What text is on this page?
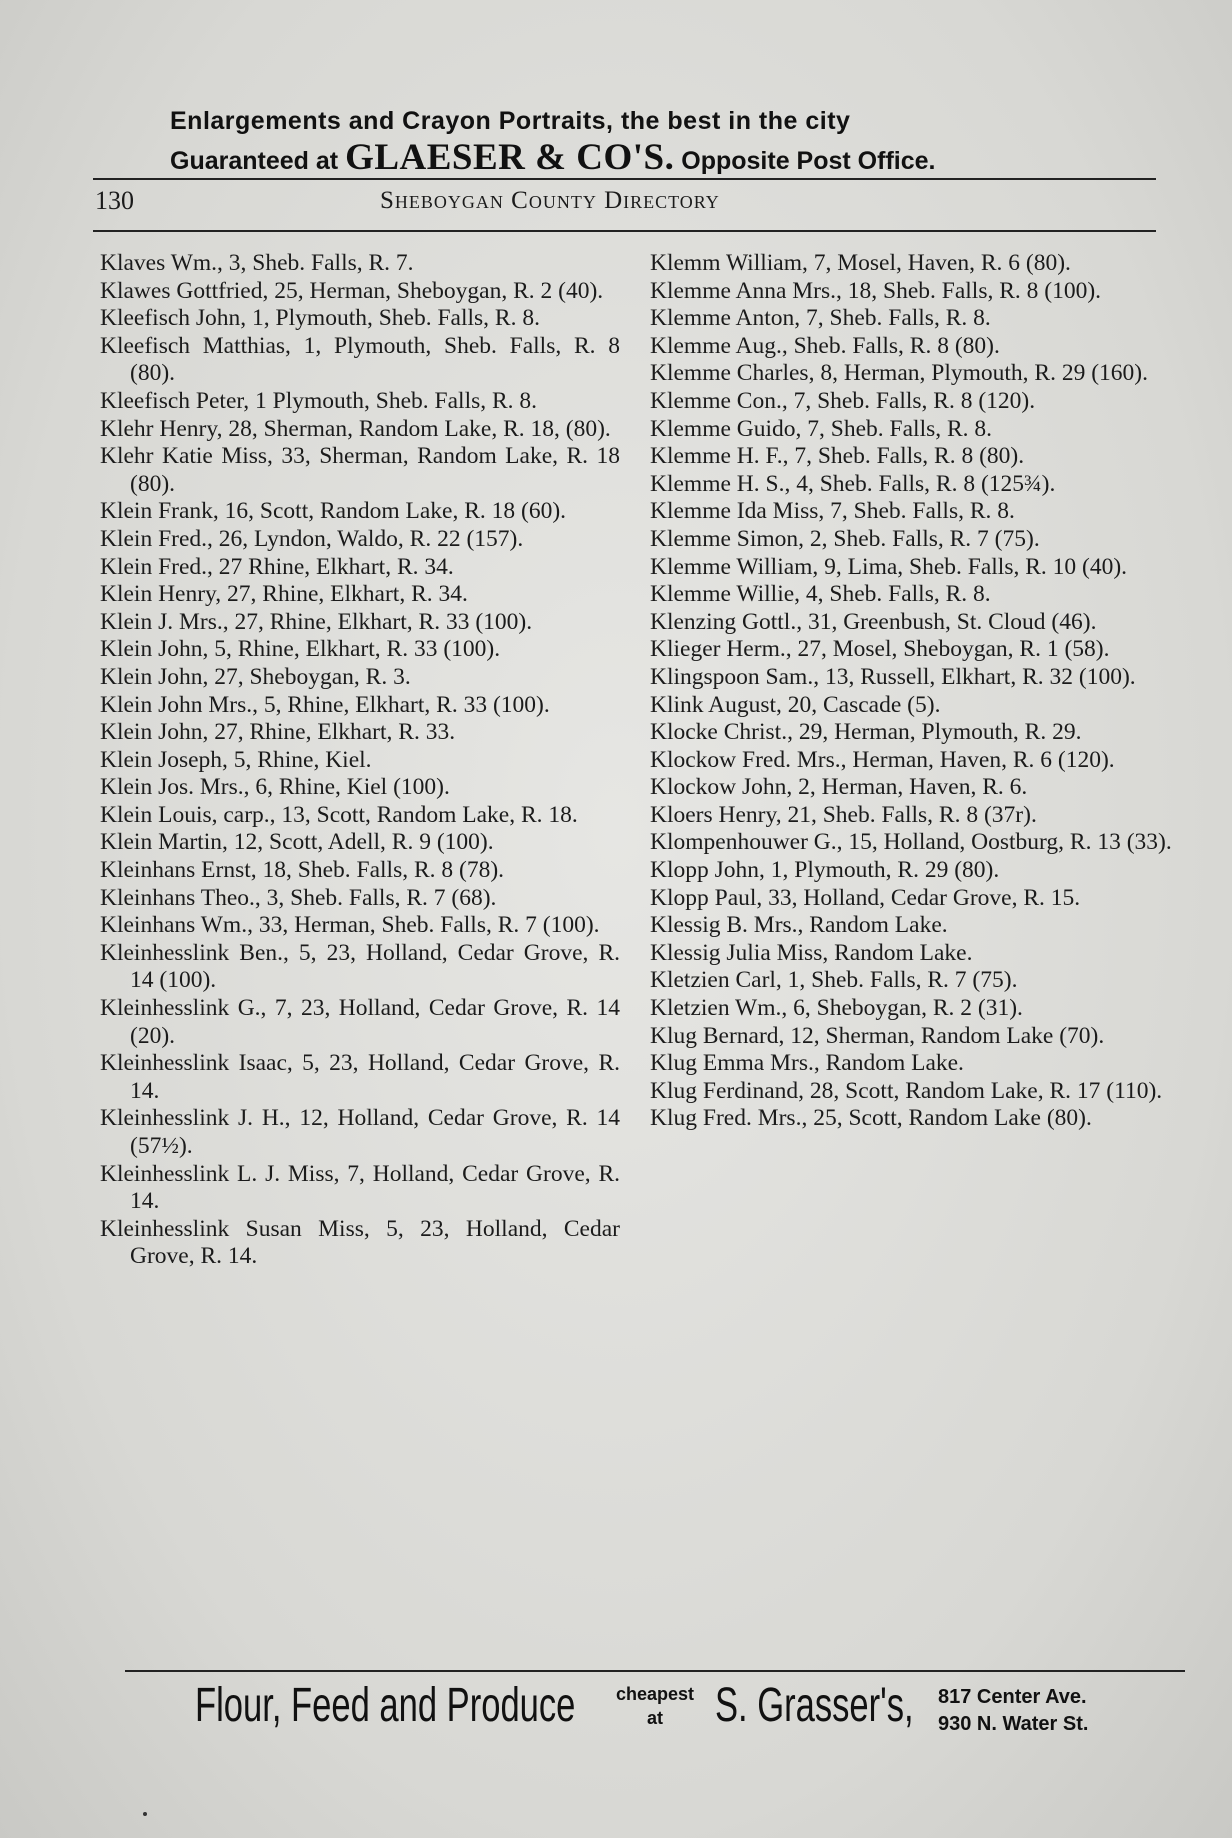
Enlargements and Crayon Portraits, the best in the city
Guaranteed at GLAESER & CO'S. Opposite Post Office.
130	Sheboygan County Directory
Klaves Wm., 3, Sheb. Falls, R. 7.
Klawes Gottfried, 25, Herman, Sheboygan, R. 2 (40).
Kleefisch John, 1, Plymouth, Sheb. Falls, R. 8.
Kleefisch Matthias, 1, Plymouth, Sheb. Falls, R. 8 (80).
Kleefisch Peter, 1 Plymouth, Sheb. Falls, R. 8.
Klehr Henry, 28, Sherman, Random Lake, R. 18, (80).
Klehr Katie Miss, 33, Sherman, Random Lake, R. 18 (80).
Klein Frank, 16, Scott, Random Lake, R. 18 (60).
Klein Fred., 26, Lyndon, Waldo, R. 22 (157).
Klein Fred., 27 Rhine, Elkhart, R. 34.
Klein Henry, 27, Rhine, Elkhart, R. 34.
Klein J. Mrs., 27, Rhine, Elkhart, R. 33 (100).
Klein John, 5, Rhine, Elkhart, R. 33 (100).
Klein John, 27, Sheboygan, R. 3.
Klein John Mrs., 5, Rhine, Elkhart, R. 33 (100).
Klein John, 27, Rhine, Elkhart, R. 33.
Klein Joseph, 5, Rhine, Kiel.
Klein Jos. Mrs., 6, Rhine, Kiel (100).
Klein Louis, carp., 13, Scott, Random Lake, R. 18.
Klein Martin, 12, Scott, Adell, R. 9 (100).
Kleinhans Ernst, 18, Sheb. Falls, R. 8 (78).
Kleinhans Theo., 3, Sheb. Falls, R. 7 (68).
Kleinhans Wm., 33, Herman, Sheb. Falls, R. 7 (100).
Kleinhesslink Ben., 5, 23, Holland, Cedar Grove, R. 14 (100).
Kleinhesslink G., 7, 23, Holland, Cedar Grove, R. 14 (20).
Kleinhesslink Isaac, 5, 23, Holland, Cedar Grove, R. 14.
Kleinhesslink J. H., 12, Holland, Cedar Grove, R. 14 (57½).
Kleinhesslink L. J. Miss, 7, Holland, Cedar Grove, R. 14.
Kleinhesslink Susan Miss, 5, 23, Holland, Cedar Grove, R. 14.
Klemm William, 7, Mosel, Haven, R. 6 (80).
Klemme Anna Mrs., 18, Sheb. Falls, R. 8 (100).
Klemme Anton, 7, Sheb. Falls, R. 8.
Klemme Aug., Sheb. Falls, R. 8 (80).
Klemme Charles, 8, Herman, Plymouth, R. 29 (160).
Klemme Con., 7, Sheb. Falls, R. 8 (120).
Klemme Guido, 7, Sheb. Falls, R. 8.
Klemme H. F., 7, Sheb. Falls, R. 8 (80).
Klemme H. S., 4, Sheb. Falls, R. 8 (125¾).
Klemme Ida Miss, 7, Sheb. Falls, R. 8.
Klemme Simon, 2, Sheb. Falls, R. 7 (75).
Klemme William, 9, Lima, Sheb. Falls, R. 10 (40).
Klemme Willie, 4, Sheb. Falls, R. 8.
Klenzing Gottl., 31, Greenbush, St. Cloud (46).
Klieger Herm., 27, Mosel, Sheboygan, R. 1 (58).
Klingspoon Sam., 13, Russell, Elkhart, R. 32 (100).
Klink August, 20, Cascade (5).
Klocke Christ., 29, Herman, Plymouth, R. 29.
Klockow Fred. Mrs., Herman, Haven, R. 6 (120).
Klockow John, 2, Herman, Haven, R. 6.
Kloers Henry, 21, Sheb. Falls, R. 8 (37r).
Klompenhouwer G., 15, Holland, Oostburg, R. 13 (33).
Klopp John, 1, Plymouth, R. 29 (80).
Klopp Paul, 33, Holland, Cedar Grove, R. 15.
Klessig B. Mrs., Random Lake.
Klessig Julia Miss, Random Lake.
Kletzien Carl, 1, Sheb. Falls, R. 7 (75).
Kletzien Wm., 6, Sheboygan, R. 2 (31).
Klug Bernard, 12, Sherman, Random Lake (70).
Klug Emma Mrs., Random Lake.
Klug Ferdinand, 28, Scott, Random Lake, R. 17 (110).
Klug Fred. Mrs., 25, Scott, Random Lake (80).
Flour, Feed and Produce	cheapest
at	S. Grasser's, 817 Center Ave.
930 N. Water St.
